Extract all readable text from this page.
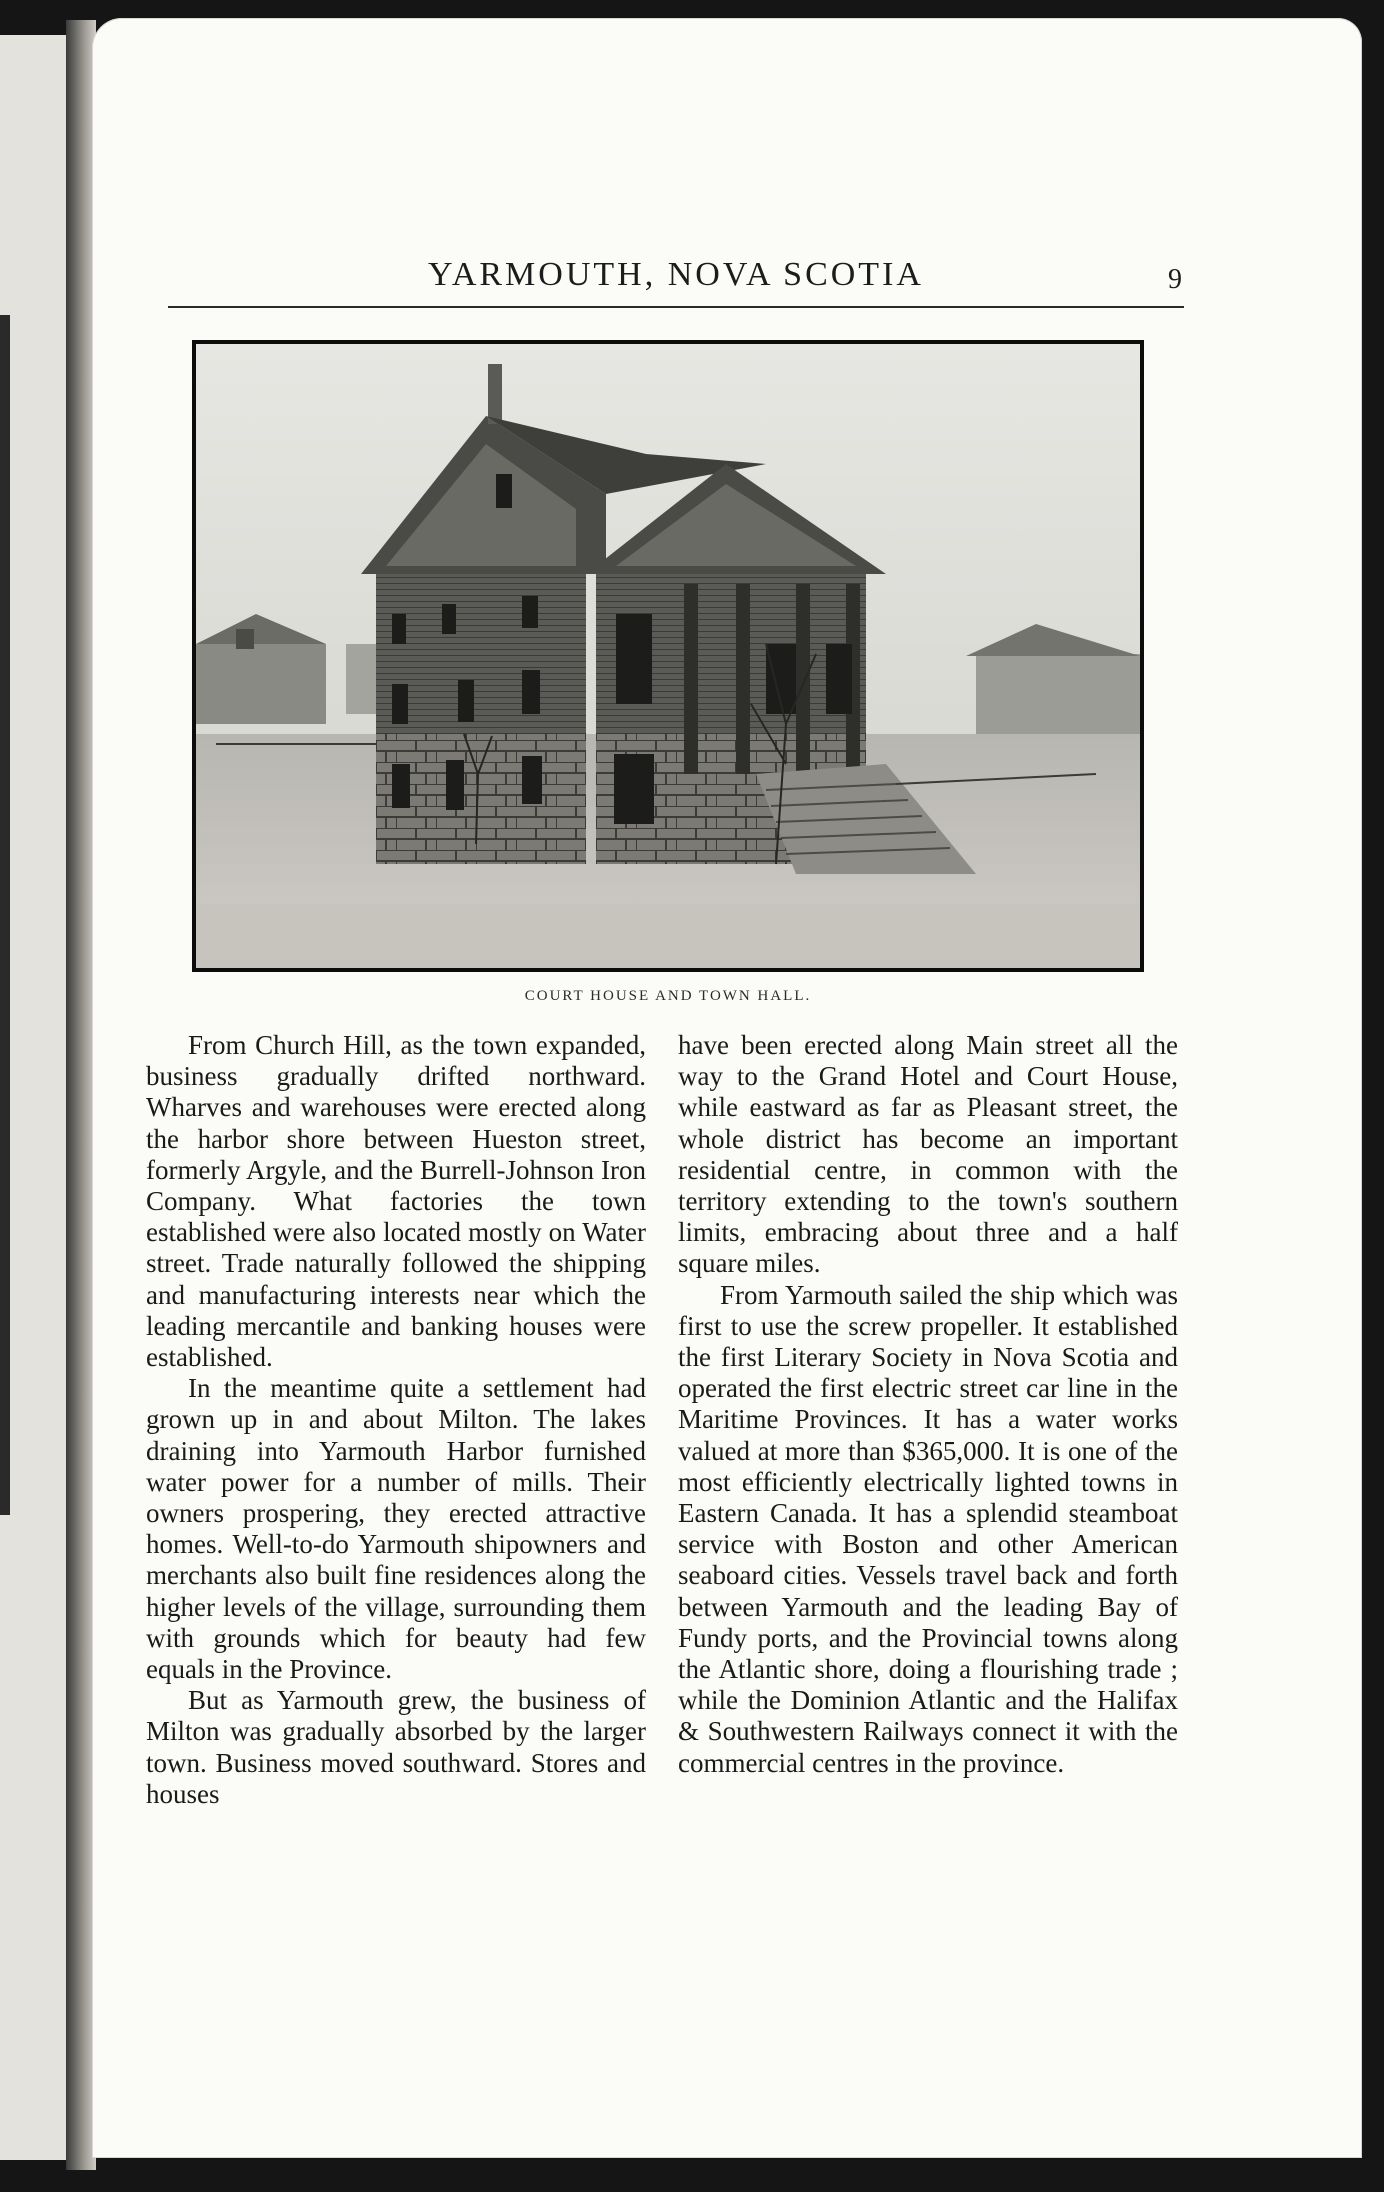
YARMOUTH, NOVA SCOTIA	9
COURT HOUSE AND TOWN HALL.

From Church Hill, as the town expanded, business gradually drifted northward. Wharves and warehouses were erected along the harbor shore between Hueston street, formerly Argyle, and the Burrell-Johnson Iron Company. What factories the town established were also located mostly on Water street. Trade naturally followed the shipping and manufacturing interests near which the leading mercantile and banking houses were established.

In the meantime quite a settlement had grown up in and about Milton. The lakes draining into Yarmouth Harbor furnished water power for a number of mills. Their owners prospering, they erected attractive homes. Well-to-do Yarmouth shipowners and merchants also built fine residences along the higher levels of the village, surrounding them with grounds which for beauty had few equals in the Province.

But as Yarmouth grew, the business of Milton was gradually absorbed by the larger town. Business moved southward. Stores and houses

have been erected along Main street all the way to the Grand Hotel and Court House, while eastward as far as Pleasant street, the whole district has become an important residential centre, in common with the territory extending to the town's southern limits, embracing about three and a half square miles.

From Yarmouth sailed the ship which was first to use the screw propeller. It established the first Literary Society in Nova Scotia and operated the first electric street car line in the Maritime Provinces. It has a water works valued at more than $365,000. It is one of the most efficiently electrically lighted towns in Eastern Canada. It has a splendid steamboat service with Boston and other American seaboard cities. Vessels travel back and forth between Yarmouth and the leading Bay of Fundy ports, and the Provincial towns along the Atlantic shore, doing a flourishing trade ; while the Dominion Atlantic and the Halifax & Southwestern Railways connect it with the commercial centres in the province.
